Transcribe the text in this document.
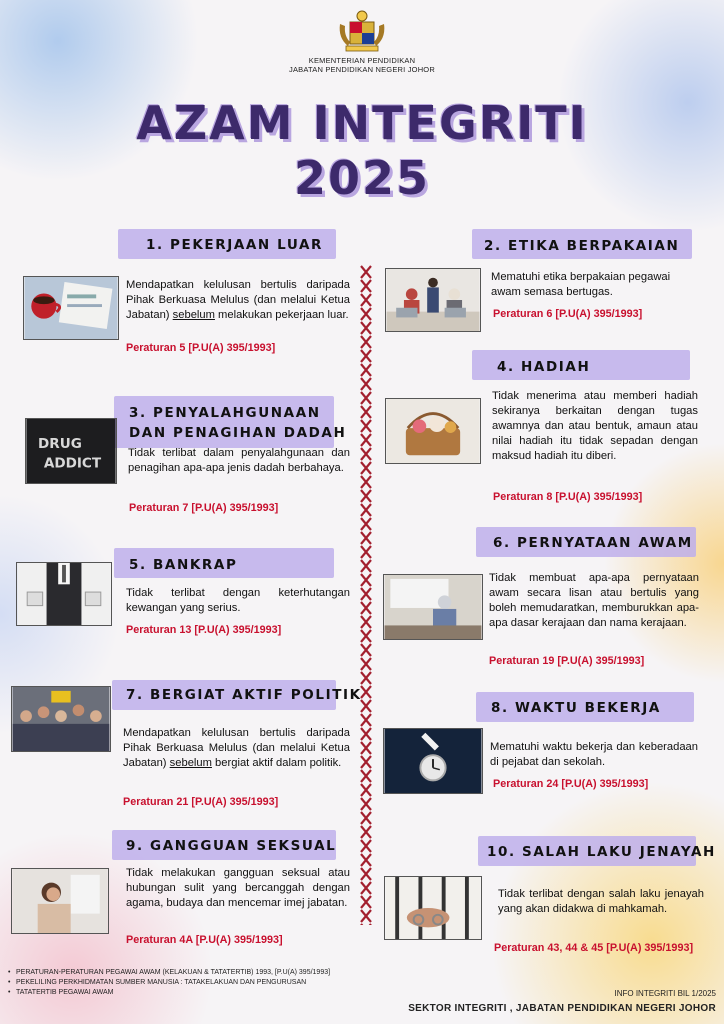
KEMENTERIAN PENDIDIKAN
JABATAN PENDIDIKAN NEGERI JOHOR
AZAM INTEGRITI
2025
1. PEKERJAAN LUAR
Mendapatkan kelulusan bertulis daripada Pihak Berkuasa Melulus (dan melalui Ketua Jabatan) sebelum melakukan pekerjaan luar.
Peraturan 5 [P.U(A) 395/1993]
2. ETIKA BERPAKAIAN
Mematuhi etika berpakaian pegawai awam semasa bertugas.
Peraturan 6 [P.U(A) 395/1993]
3. PENYALAHGUNAAN
DAN PENAGIHAN DADAH
DRUG
ADDICT
Tidak terlibat dalam penyalahgunaan dan penagihan apa-apa jenis dadah berbahaya.
Peraturan 7 [P.U(A) 395/1993]
4. HADIAH
Tidak menerima atau memberi hadiah sekiranya berkaitan dengan tugas awamnya dan atau bentuk, amaun atau nilai hadiah itu tidak sepadan dengan maksud hadiah itu diberi.
Peraturan 8 [P.U(A) 395/1993]
5. BANKRAP
Tidak terlibat dengan keterhutangan kewangan yang serius.
Peraturan 13 [P.U(A) 395/1993]
6. PERNYATAAN AWAM
Tidak membuat apa-apa pernyataan awam secara lisan atau bertulis yang boleh memudaratkan, memburukkan apa-apa dasar kerajaan dan nama kerajaan.
Peraturan 19 [P.U(A) 395/1993]
7. BERGIAT AKTIF POLITIK
Mendapatkan kelulusan bertulis daripada Pihak Berkuasa Melulus (dan melalui Ketua Jabatan) sebelum bergiat aktif dalam politik.
Peraturan 21 [P.U(A) 395/1993]
8. WAKTU BEKERJA
Mematuhi waktu bekerja dan keberadaan di pejabat dan sekolah.
Peraturan 24 [P.U(A) 395/1993]
9. GANGGUAN SEKSUAL
Tidak melakukan gangguan seksual atau hubungan sulit yang bercanggah dengan agama, budaya dan mencemar imej jabatan.
Peraturan 4A [P.U(A) 395/1993]
10. SALAH LAKU JENAYAH
Tidak terlibat dengan salah laku jenayah yang akan didakwa di mahkamah.
Peraturan 43, 44 & 45 [P.U(A) 395/1993]
• PERATURAN-PERATURAN PEGAWAI AWAM (KELAKUAN & TATATERTIB) 1993, [P.U(A) 395/1993]
• PEKELILING PERKHIDMATAN SUMBER MANUSIA : TATAKELAKUAN DAN PENGURUSAN
• TATATERTIB PEGAWAI AWAM	INFO INTEGRITI BIL 1/2025
SEKTOR INTEGRITI , JABATAN PENDIDIKAN NEGERI JOHOR
